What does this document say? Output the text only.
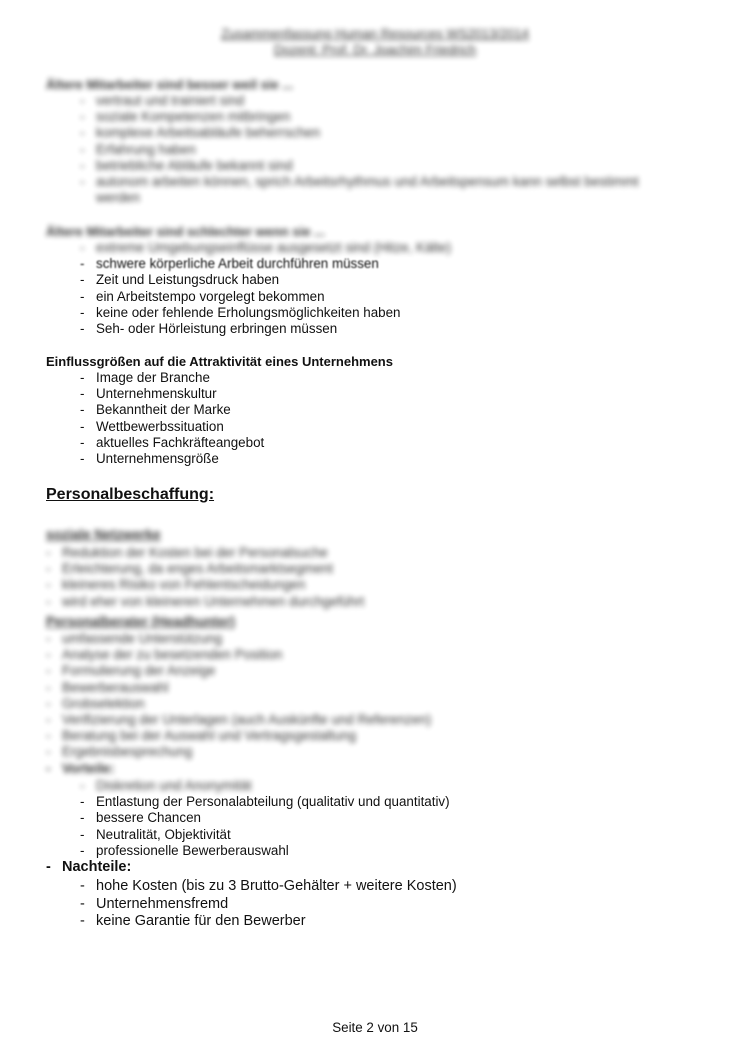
Zusammenfassung Human Resources WS2013/2014
Dozent: Prof. Dr. Joachim Friedrich
Ältere Mitarbeiter sind besser weil sie ...
- vertraut und trainiert sind
- soziale Kompetenzen mitbringen
- komplexe Arbeitsabläufe beherrschen
- Erfahrung haben
- betriebliche Abläufe bekannt sind
- autonom arbeiten können, sprich Arbeitsrhythmus und Arbeitspensum kann selbst bestimmt werden
Ältere Mitarbeiter sind schlechter wenn sie ...
- extreme Umgebungseinflüsse ausgesetzt sind (Hitze, Kälte)
- schwere körperliche Arbeit durchführen müssen
- Zeit und Leistungsdruck haben
- ein Arbeitstempo vorgelegt bekommen
- keine oder fehlende Erholungsmöglichkeiten haben
- Seh- oder Hörleistung erbringen müssen
Einflussgrößen auf die Attraktivität eines Unternehmens
- Image der Branche
- Unternehmenskultur
- Bekanntheit der Marke
- Wettbewerbssituation
- aktuelles Fachkräfteangebot
- Unternehmensgröße
Personalbeschaffung:
soziale Netzwerke
- Reduktion der Kosten bei der Personalsuche
- Erleichterung, da enges Arbeitsmarktsegment
- kleineres Risiko von Fehlentscheidungen
- wird eher von kleineren Unternehmen durchgeführt
Personalberater (Headhunter)
- umfassende Unterstützung
- Analyse der zu besetzenden Position
- Formulierung der Anzeige
- Bewerberauswahl
- Grobselektion
- Verifizierung der Unterlagen (auch Auskünfte und Referenzen)
- Beratung bei der Auswahl und Vertragsgestaltung
- Ergebnisbesprechung
- Vorteile:
- Diskretion und Anonymität
- Entlastung der Personalabteilung (qualitativ und quantitativ)
- bessere Chancen
- Neutralität, Objektivität
- professionelle Bewerberauswahl
- Nachteile:
- hohe Kosten (bis zu 3 Brutto-Gehälter + weitere Kosten)
- Unternehmensfremd
- keine Garantie für den Bewerber
Seite 2 von 15
